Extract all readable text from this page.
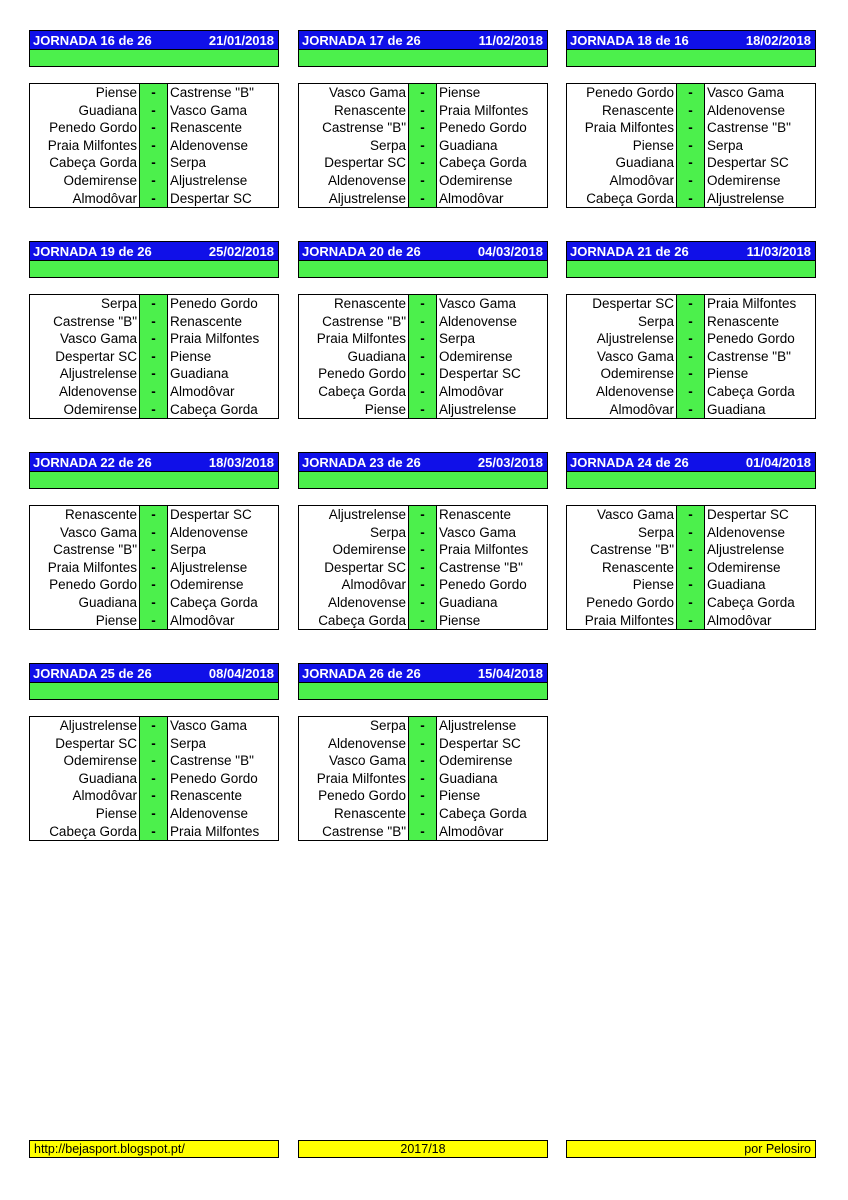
JORNADA 16 de 26	21/01/2018
Piense	-	Castrense "B"
Guadiana	-	Vasco Gama
Penedo Gordo	-	Renascente
Praia Milfontes	-	Aldenovense
Cabeça Gorda	-	Serpa
Odemirense	-	Aljustrelense
Almodôvar	-	Despertar SC
JORNADA 17 de 26	11/02/2018
Vasco Gama	-	Piense
Renascente	-	Praia Milfontes
Castrense "B"	-	Penedo Gordo
Serpa	-	Guadiana
Despertar SC	-	Cabeça Gorda
Aldenovense	-	Odemirense
Aljustrelense	-	Almodôvar
JORNADA 18 de 16	18/02/2018
Penedo Gordo	-	Vasco Gama
Renascente	-	Aldenovense
Praia Milfontes	-	Castrense "B"
Piense	-	Serpa
Guadiana	-	Despertar SC
Almodôvar	-	Odemirense
Cabeça Gorda	-	Aljustrelense
JORNADA 19 de 26	25/02/2018
Serpa	-	Penedo Gordo
Castrense "B"	-	Renascente
Vasco Gama	-	Praia Milfontes
Despertar SC	-	Piense
Aljustrelense	-	Guadiana
Aldenovense	-	Almodôvar
Odemirense	-	Cabeça Gorda
JORNADA 20 de 26	04/03/2018
Renascente	-	Vasco Gama
Castrense "B"	-	Aldenovense
Praia Milfontes	-	Serpa
Guadiana	-	Odemirense
Penedo Gordo	-	Despertar SC
Cabeça Gorda	-	Almodôvar
Piense	-	Aljustrelense
JORNADA 21 de 26	11/03/2018
Despertar SC	-	Praia Milfontes
Serpa	-	Renascente
Aljustrelense	-	Penedo Gordo
Vasco Gama	-	Castrense "B"
Odemirense	-	Piense
Aldenovense	-	Cabeça Gorda
Almodôvar	-	Guadiana
JORNADA 22 de 26	18/03/2018
Renascente	-	Despertar SC
Vasco Gama	-	Aldenovense
Castrense "B"	-	Serpa
Praia Milfontes	-	Aljustrelense
Penedo Gordo	-	Odemirense
Guadiana	-	Cabeça Gorda
Piense	-	Almodôvar
JORNADA 23 de 26	25/03/2018
Aljustrelense	-	Renascente
Serpa	-	Vasco Gama
Odemirense	-	Praia Milfontes
Despertar SC	-	Castrense "B"
Almodôvar	-	Penedo Gordo
Aldenovense	-	Guadiana
Cabeça Gorda	-	Piense
JORNADA 24 de 26	01/04/2018
Vasco Gama	-	Despertar SC
Serpa	-	Aldenovense
Castrense "B"	-	Aljustrelense
Renascente	-	Odemirense
Piense	-	Guadiana
Penedo Gordo	-	Cabeça Gorda
Praia Milfontes	-	Almodôvar
JORNADA 25 de 26	08/04/2018
Aljustrelense	-	Vasco Gama
Despertar SC	-	Serpa
Odemirense	-	Castrense "B"
Guadiana	-	Penedo Gordo
Almodôvar	-	Renascente
Piense	-	Aldenovense
Cabeça Gorda	-	Praia Milfontes
JORNADA 26 de 26	15/04/2018
Serpa	-	Aljustrelense
Aldenovense	-	Despertar SC
Vasco Gama	-	Odemirense
Praia Milfontes	-	Guadiana
Penedo Gordo	-	Piense
Renascente	-	Cabeça Gorda
Castrense "B"	-	Almodôvar
http://bejasport.blogspot.pt/	2017/18	por Pelosiro
